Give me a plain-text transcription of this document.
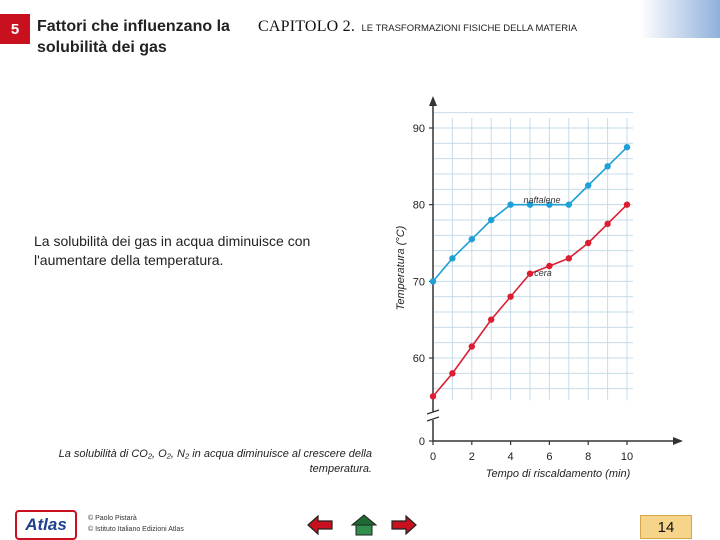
5	Fattori che influenzano la solubilità dei gas
CAPITOLO 2. LE TRASFORMAZIONI FISICHE DELLA MATERIA

La solubilità dei gas in acqua diminuisce con l'aumentare della temperatura.

La solubilità di CO₂, O₂, N₂ in acqua diminuisce al crescere della temperatura.

0
60
70
80
90
0	2	4	6	8	10
Tempo di riscaldamento (min)
Temperatura (°C)
naftalene
cera
Atlas	© Paolo Pistarà
© Istituto Italiano Edizioni Atlas	14
